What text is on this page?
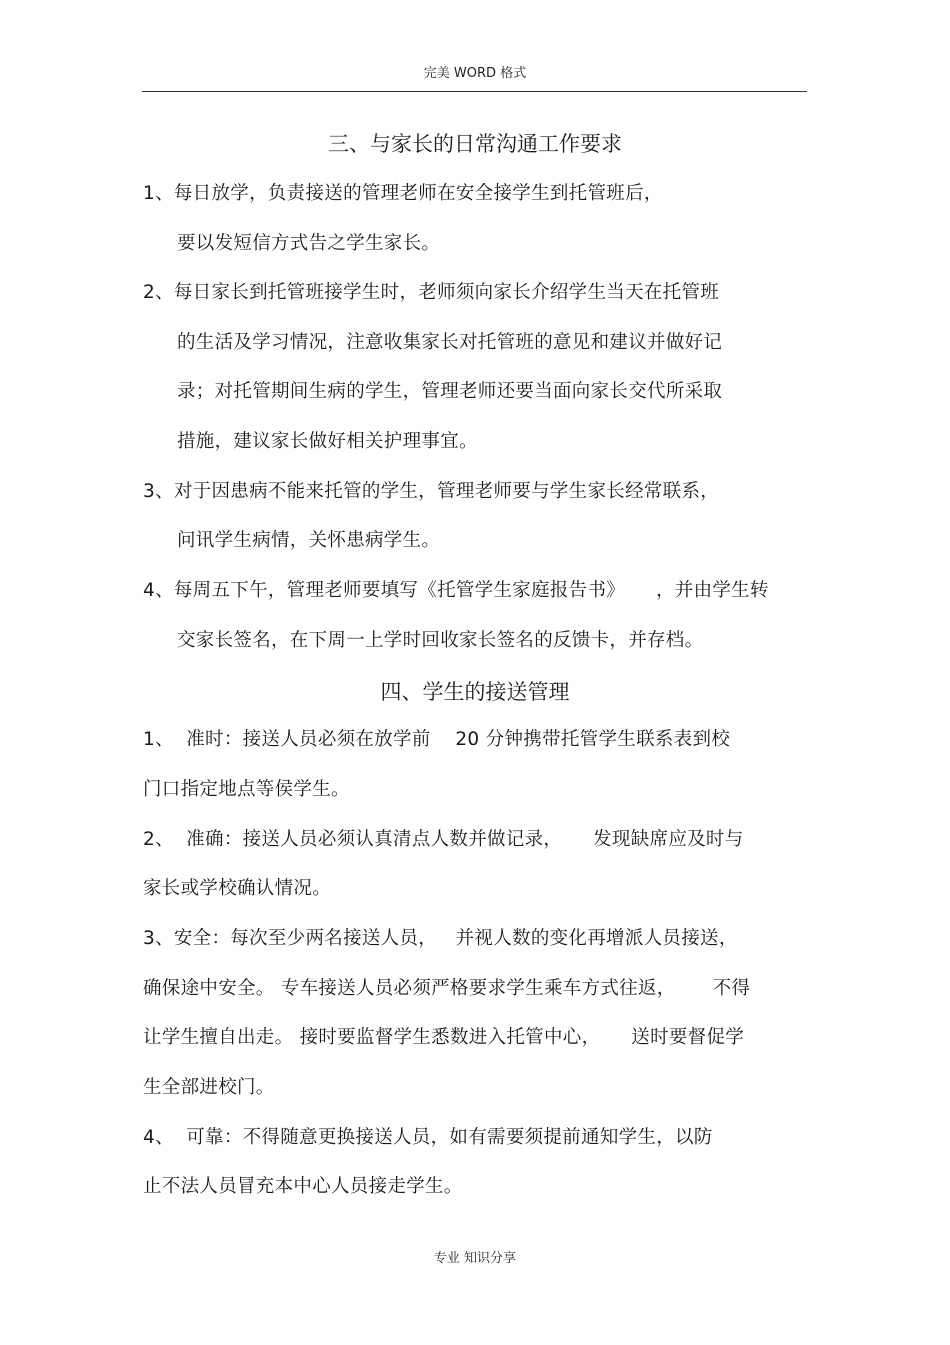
完美 WORD 格式
三、与家长的日常沟通工作要求
1、每日放学，负责接送的管理老师在安全接学生到托管班后，
要以发短信方式告之学生家长。
2、每日家长到托管班接学生时，老师须向家长介绍学生当天在托管班
的生活及学习情况，注意收集家长对托管班的意见和建议并做好记
录；对托管期间生病的学生，管理老师还要当面向家长交代所采取
措施，建议家长做好相关护理事宜。
3、对于因患病不能来托管的学生，管理老师要与学生家长经常联系，
问讯学生病情，关怀患病学生。
4、每周五下午，管理老师要填写《托管学生家庭报告书》     ，并由学生转
交家长签名，在下周一上学时回收家长签名的反馈卡，并存档。
四、学生的接送管理
1、  准时：接送人员必须在放学前    20 分钟携带托管学生联系表到校
门口指定地点等侯学生。
2、  准确：接送人员必须认真清点人数并做记录，     发现缺席应及时与
家长或学校确认情况。
3、安全：每次至少两名接送人员，   并视人数的变化再增派人员接送，
确保途中安全。 专车接送人员必须严格要求学生乘车方式往返，      不得
让学生擅自出走。 接时要监督学生悉数进入托管中心，     送时要督促学
生全部进校门。
4、  可靠：不得随意更换接送人员，如有需要须提前通知学生，以防
止不法人员冒充本中心人员接走学生。
专业 知识分享
